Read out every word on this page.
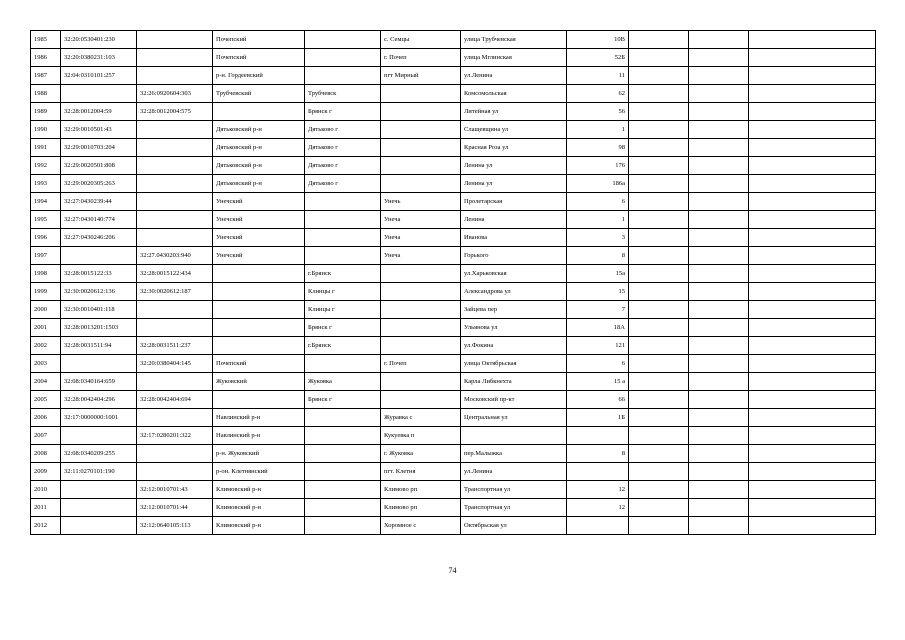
1985	32:20:0530401:230		Почепский		с. Семцы	улица Трубчевская	10В			
1986	32:20:0380231:103		Почепский		г. Почеп	улица Мглинская	52Б			
1987	32:04:0310101:257		р-н. Гордеевский		пгт Мирный	ул.Ленина	11			
1988		32:26:0920604:303	Трубчевский	Трубчевск		Комсомольская	62			
1989	32:28:0012004:59	32:28:0012004:575		Брянск г		Литейная ул	56			
1990	32:29:0010501:43		Дятьковский р-н	Дятьково г		Слащевщина ул	1			
1991	32:29:0010703:204		Дятьковский р-н	Дятьково г		Красная Роза ул	98			
1992	32:29:0020501:808		Дятьковский р-н	Дятьково г		Ленина ул	176			
1993	32:29:0020305:263		Дятьковский р-н	Дятьково г		Ленина ул	186а			
1994	32:27:0430239:44		Унечский		Унечь	Пролетарская	6			
1995	32:27:0430140:774		Унечский		Унеча	Ленина	1			
1996	32:27:0430246:206		Унечский		Унеча	Иванова	3			
1997		32:27.0430203:940	Унечский		Унеча	Горького	8			
1998	32:28:0015122:33	32:28:0015122:434		г.Брянск		ул.Харьковская	15а			
1999	32:30:0020612:136	32:30:0020612:187		Клинцы г		Александрова ул	15			
2000	32:30:0010401:118			Клинцы г		Зайцева пер	7			
2001	32:28:0013201:1503			Брянск г		Ульянова ул	18А			
2002	32:28:0031511:94	32:28:0031511:237		г.Брянск		ул.Фокина	121			
2003		32:20:0380404:145	Почепский		г. Почеп	улица Октябрьская	6			
2004	32:08:0340164:659		Жуковский	Жуковка		Карла Либкнехта	15 а			
2005	32:28:0042404:296	32:28:0042404:694		Брянск г		Московский пр-кт	66			
2006	32:17:0000000:1001		Навлинский р-н		Журавка с	Центральная ул	1Б			
2007		32:17:0280201:322	Навлинский р-н		Кукуевка п					
2008	32:08:0340209:255		р-н. Жуковский		г. Жуковка	пер.Малыжка	8			
2009	32:11:0270101:190		р-он. Клетнянский		пгт. Клетня	ул.Ленина				
2010		32:12:0010701:43	Климовский р-н		Климово рп	Транспортная ул	12			
2011		32:12:0010701:44	Климовский р-н		Климово рп	Транспортная ул	12			
2012		32:12:0640105:113	Климовский р-н		Хоромное с	Октябрьская ул				
74
